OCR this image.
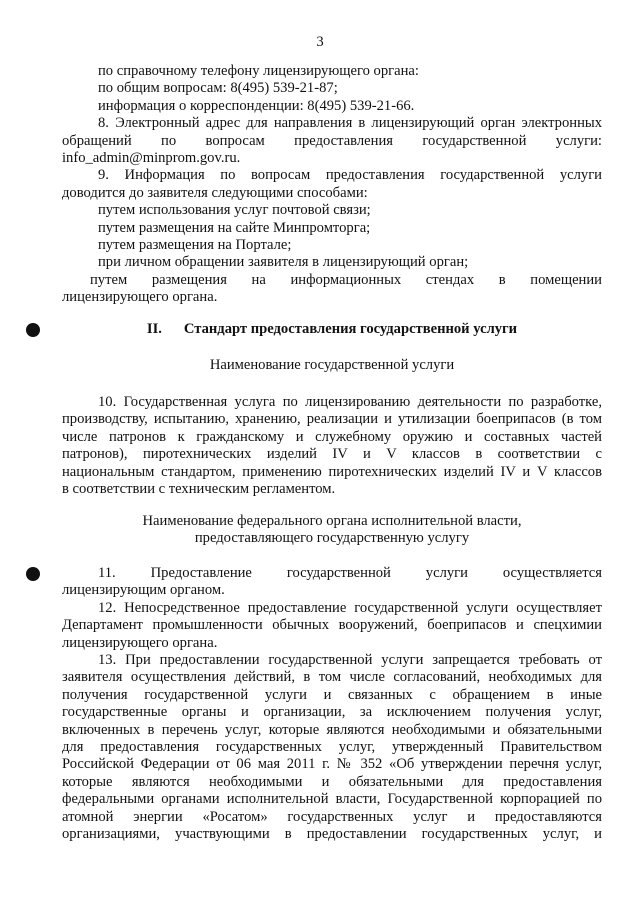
3

по справочному телефону лицензирующего органа:

по общим вопросам: 8(495) 539-21-87;

информация о корреспонденции: 8(495) 539-21-66.

8. Электронный адрес для направления в лицензирующий орган электронных

обращений по вопросам предоставления государственной услуги:

info_admin@minprom.gov.ru.

9. Информация по вопросам предоставления государственной услуги

доводится до заявителя следующими способами:

путем использования услуг почтовой связи;

путем размещения на сайте Минпромторга;

путем размещения на Портале;

при личном обращении заявителя в лицензирующий орган;

путем размещения на информационных стендах в помещении

лицензирующего органа.

II. Стандарт предоставления государственной услуги
Наименование государственной услуги

10. Государственная услуга по лицензированию деятельности по разработке,

производству, испытанию, хранению, реализации и утилизации боеприпасов (в том

числе патронов к гражданскому и служебному оружию и составных частей

патронов), пиротехнических изделий IV и V классов в соответствии с

национальным стандартом, применению пиротехнических изделий IV и V классов

в соответствии с техническим регламентом.

Наименование федерального органа исполнительной власти,

предоставляющего государственную услугу

11. Предоставление государственной услуги осуществляется

лицензирующим органом.

12. Непосредственное предоставление государственной услуги осуществляет

Департамент промышленности обычных вооружений, боеприпасов и спецхимии

лицензирующего органа.

13. При предоставлении государственной услуги запрещается требовать от

заявителя осуществления действий, в том числе согласований, необходимых для

получения государственной услуги и связанных с обращением в иные

государственные органы и организации, за исключением получения услуг,

включенных в перечень услуг, которые являются необходимыми и обязательными

для предоставления государственных услуг, утвержденный Правительством

Российской Федерации от 06 мая 2011 г. № 352 «Об утверждении перечня услуг,

которые являются необходимыми и обязательными для предоставления

федеральными органами исполнительной власти, Государственной корпорацией по

атомной энергии «Росатом» государственных услуг и предоставляются

организациями, участвующими в предоставлении государственных услуг, и
